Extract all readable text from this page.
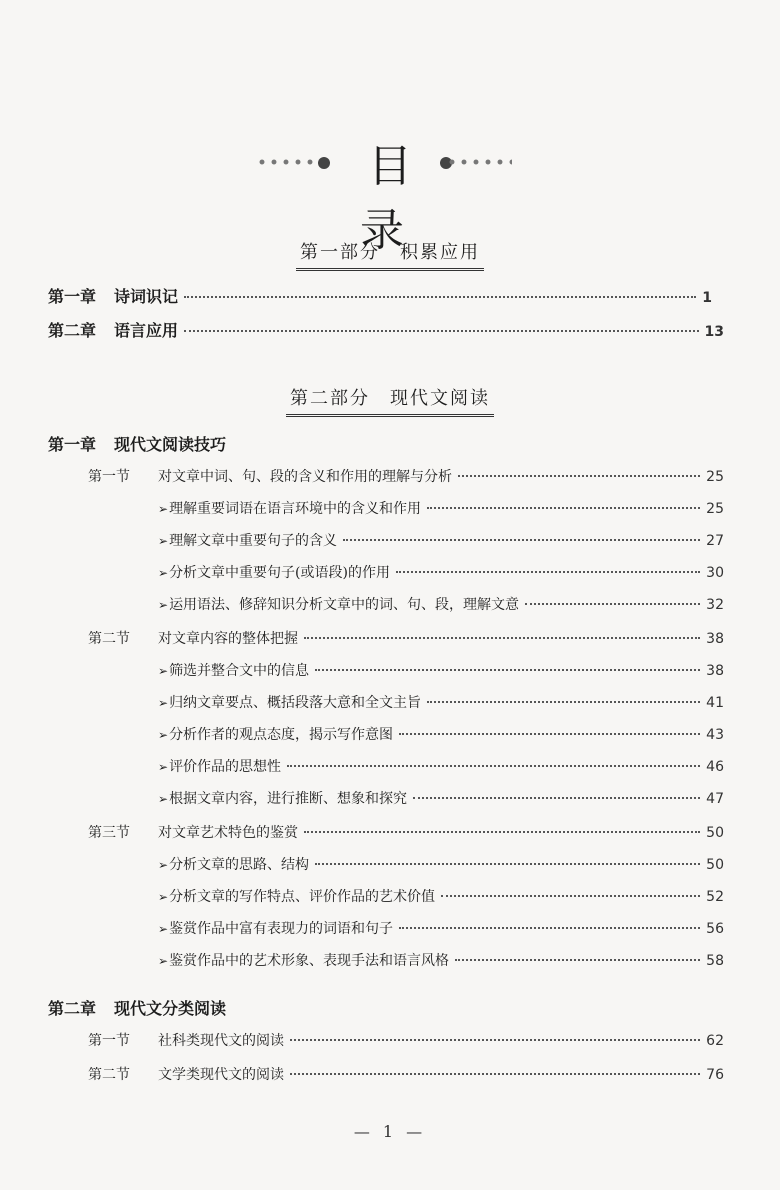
目录
第一部分　积累应用
第一章 诗词识记	1
第二章 语言应用	13
第二部分　现代文阅读
第一章 现代文阅读技巧
第一节	对文章中词、句、段的含义和作用的理解与分析	25
➢ 理解重要词语在语言环境中的含义和作用	25
➢ 理解文章中重要句子的含义	27
➢ 分析文章中重要句子(或语段)的作用	30
➢ 运用语法、修辞知识分析文章中的词、句、段，理解文意	32
第二节	对文章内容的整体把握	38
➢ 筛选并整合文中的信息	38
➢ 归纳文章要点、概括段落大意和全文主旨	41
➢ 分析作者的观点态度，揭示写作意图	43
➢ 评价作品的思想性	46
➢ 根据文章内容，进行推断、想象和探究	47
第三节	对文章艺术特色的鉴赏	50
➢ 分析文章的思路、结构	50
➢ 分析文章的写作特点、评价作品的艺术价值	52
➢ 鉴赏作品中富有表现力的词语和句子	56
➢ 鉴赏作品中的艺术形象、表现手法和语言风格	58
第二章 现代文分类阅读
第一节	社科类现代文的阅读	62
第二节	文学类现代文的阅读	76
— 1 —
